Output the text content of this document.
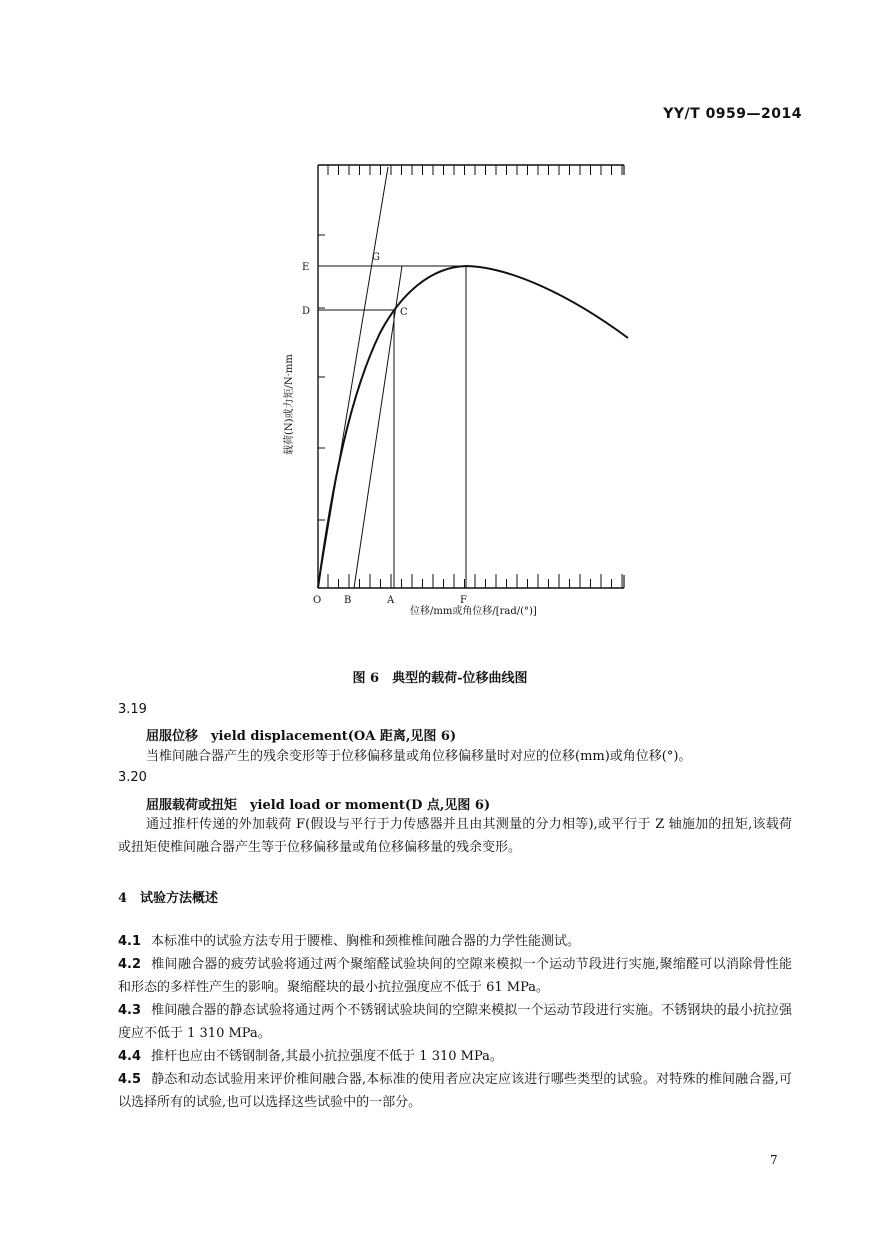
YY/T 0959—2014
E
D
G
C
O B	A	F
位移/mm或角位移/[rad/(°)]
载荷(N)或力矩/N·mm
图 6　典型的载荷-位移曲线图
3.19
屈服位移　yield displacement(OA 距离,见图 6)
当椎间融合器产生的残余变形等于位移偏移量或角位移偏移量时对应的位移(mm)或角位移(°)。
3.20
屈服载荷或扭矩　yield load or moment(D 点,见图 6)
通过推杆传递的外加载荷 F(假设与平行于力传感器并且由其测量的分力相等),或平行于 Z 轴施加的扭矩,该载荷或扭矩使椎间融合器产生等于位移偏移量或角位移偏移量的残余变形。
4　试验方法概述
4.1 本标准中的试验方法专用于腰椎、胸椎和颈椎椎间融合器的力学性能测试。
4.2 椎间融合器的疲劳试验将通过两个聚缩醛试验块间的空隙来模拟一个运动节段进行实施,聚缩醛可以消除骨性能和形态的多样性产生的影响。聚缩醛块的最小抗拉强度应不低于 61 MPa。
4.3 椎间融合器的静态试验将通过两个不锈钢试验块间的空隙来模拟一个运动节段进行实施。不锈钢块的最小抗拉强度应不低于 1 310 MPa。
4.4 推杆也应由不锈钢制备,其最小抗拉强度不低于 1 310 MPa。
4.5 静态和动态试验用来评价椎间融合器,本标准的使用者应决定应该进行哪些类型的试验。对特殊的椎间融合器,可以选择所有的试验,也可以选择这些试验中的一部分。
7
